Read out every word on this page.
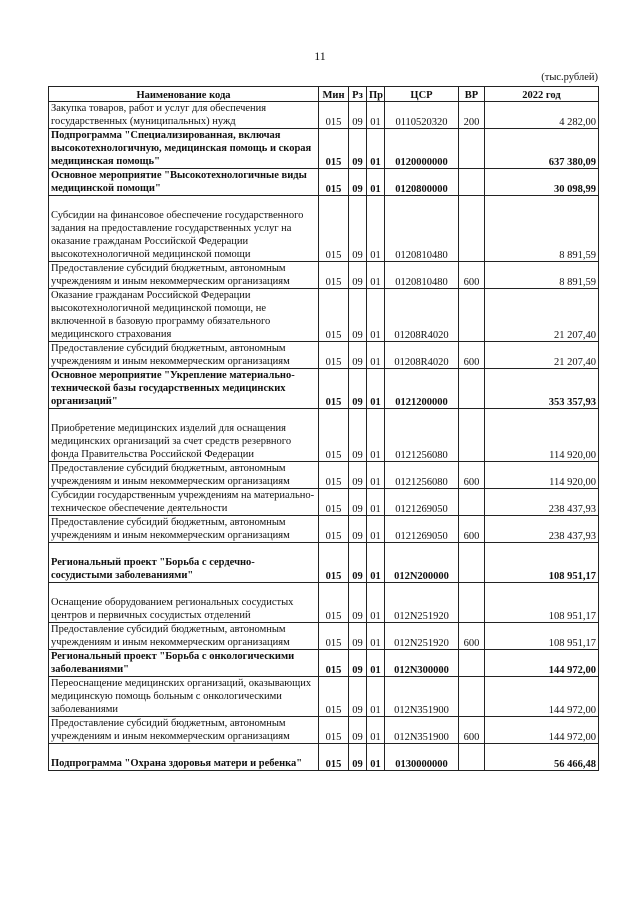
11
(тыс.рублей)
Наименование кода	Мин	Рз	Пр	ЦСР	ВР	2022 год
Закупка товаров, работ и услуг для обеспечения государственных (муниципальных) нужд	015	09	01	0110520320	200	4 282,00
Подпрограмма "Специализированная, включая высокотехнологичную, медицинская помощь и скорая медицинская помощь"	015	09	01	0120000000		637 380,09
Основное мероприятие "Высокотехнологичные виды медицинской помощи"	015	09	01	0120800000		30 098,99
Субсидии на финансовое обеспечение государственного задания на предоставление государственных услуг на оказание гражданам Российской Федерации высокотехнологичной медицинской помощи	015	09	01	0120810480		8 891,59
Предоставление субсидий бюджетным, автономным учреждениям и иным некоммерческим организациям	015	09	01	0120810480	600	8 891,59
Оказание гражданам Российской Федерации высокотехнологичной медицинской помощи, не включенной в базовую программу обязательного медицинского страхования	015	09	01	01208R4020		21 207,40
Предоставление субсидий бюджетным, автономным учреждениям и иным некоммерческим организациям	015	09	01	01208R4020	600	21 207,40
Основное мероприятие "Укрепление материально-технической базы государственных медицинских организаций"	015	09	01	0121200000		353 357,93
Приобретение медицинских изделий для оснащения медицинских организаций за счет средств резервного фонда Правительства Российской Федерации	015	09	01	0121256080		114 920,00
Предоставление субсидий бюджетным, автономным учреждениям и иным некоммерческим организациям	015	09	01	0121256080	600	114 920,00
Субсидии государственным учреждениям на материально-техническое обеспечение деятельности	015	09	01	0121269050		238 437,93
Предоставление субсидий бюджетным, автономным учреждениям и иным некоммерческим организациям	015	09	01	0121269050	600	238 437,93
Региональный проект "Борьба с сердечно-сосудистыми заболеваниями"	015	09	01	012N200000		108 951,17
Оснащение оборудованием региональных сосудистых центров и первичных сосудистых отделений	015	09	01	012N251920		108 951,17
Предоставление субсидий бюджетным, автономным учреждениям и иным некоммерческим организациям	015	09	01	012N251920	600	108 951,17
Региональный проект "Борьба с онкологическими заболеваниями"	015	09	01	012N300000		144 972,00
Переоснащение медицинских организаций, оказывающих медицинскую помощь больным с онкологическими заболеваниями	015	09	01	012N351900		144 972,00
Предоставление субсидий бюджетным, автономным учреждениям и иным некоммерческим организациям	015	09	01	012N351900	600	144 972,00
Подпрограмма "Охрана здоровья матери и ребенка"	015	09	01	0130000000		56 466,48
